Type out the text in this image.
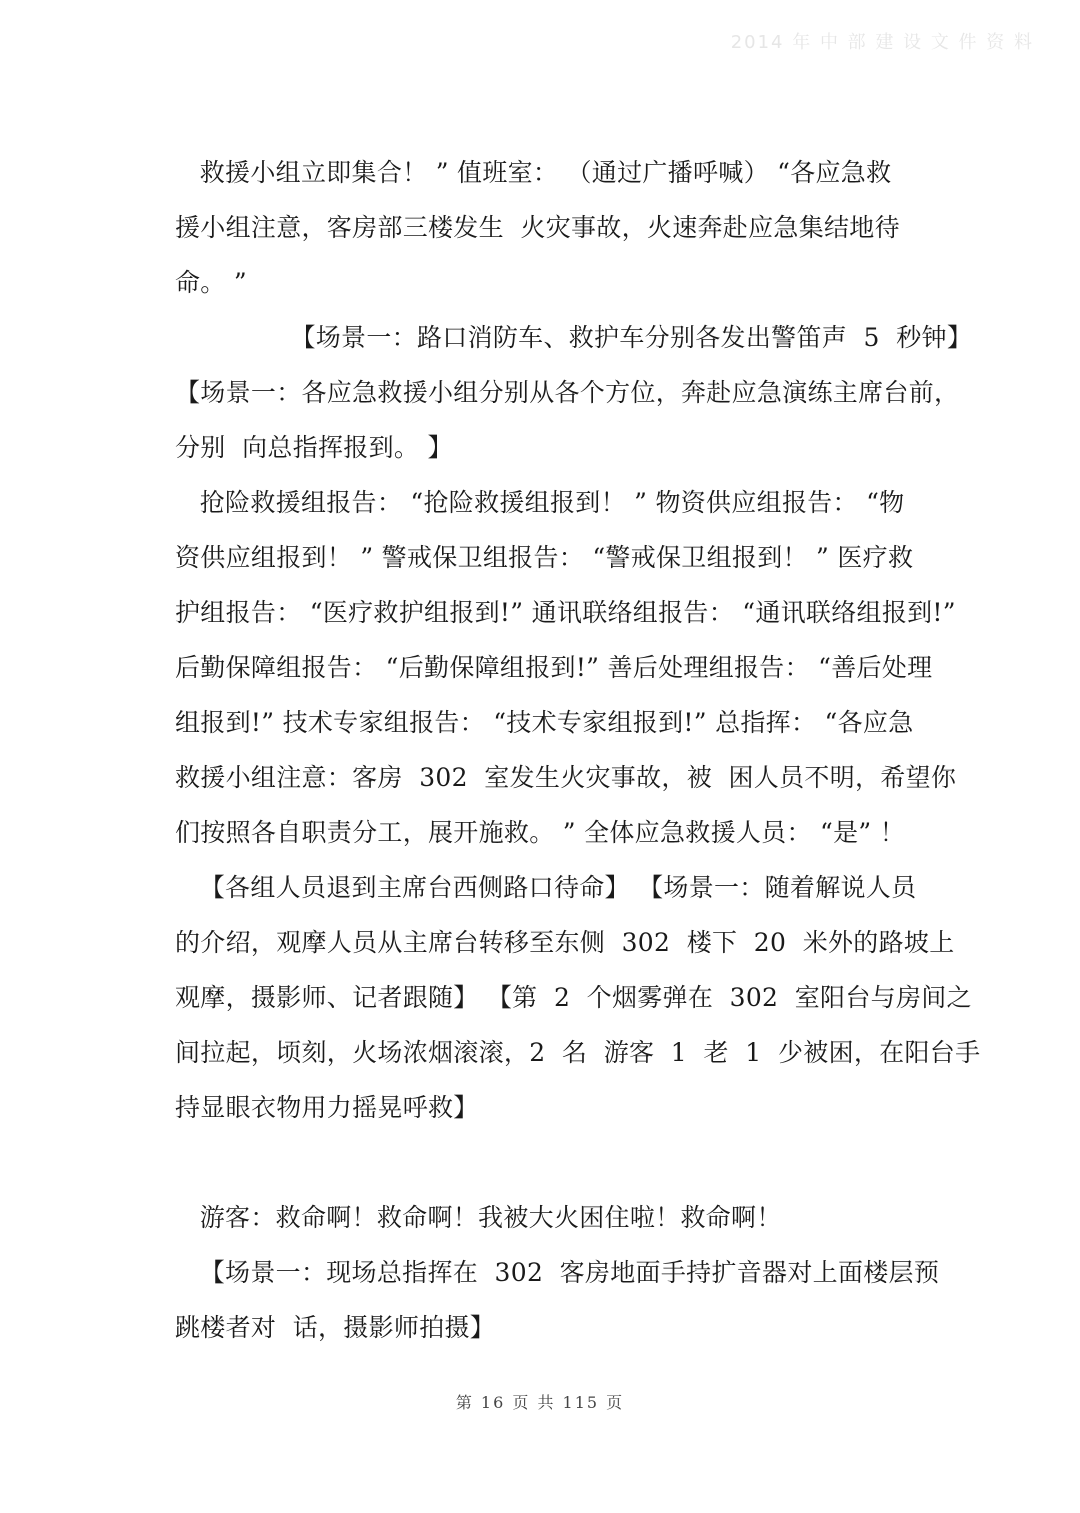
2014 年 中 部 建 设 文 件 资 料
救援小组立即集合！ ” 值班室： （通过广播呼喊） “各应急救
援小组注意，客房部三楼发生  火灾事故，火速奔赴应急集结地待
命。 ”
【场景一：路口消防车、救护车分别各发出警笛声  5  秒钟】
【场景一：各应急救援小组分别从各个方位，奔赴应急演练主席台前，
分别  向总指挥报到。 】
抢险救援组报告： “抢险救援组报到！ ” 物资供应组报告： “物
资供应组报到！ ” 警戒保卫组报告： “警戒保卫组报到！ ” 医疗救
护组报告： “医疗救护组报到!” 通讯联络组报告： “通讯联络组报到!”
后勤保障组报告： “后勤保障组报到!” 善后处理组报告： “善后处理
组报到!” 技术专家组报告： “技术专家组报到!” 总指挥： “各应急
救援小组注意：客房  302  室发生火灾事故，被  困人员不明，希望你
们按照各自职责分工，展开施救。 ” 全体应急救援人员： “是” ！
【各组人员退到主席台西侧路口待命】 【场景一：随着解说人员
的介绍，观摩人员从主席台转移至东侧  302  楼下  20  米外的路坡上
观摩，摄影师、记者跟随】 【第  2  个烟雾弹在  302  室阳台与房间之
间拉起，顷刻，火场浓烟滚滚，2  名  游客  1  老  1  少被困，在阳台手
持显眼衣物用力摇晃呼救】
游客：救命啊！救命啊！我被大火困住啦！救命啊！
【场景一：现场总指挥在  302  客房地面手持扩音器对上面楼层预
跳楼者对  话，摄影师拍摄】
第 16 页 共 115 页
